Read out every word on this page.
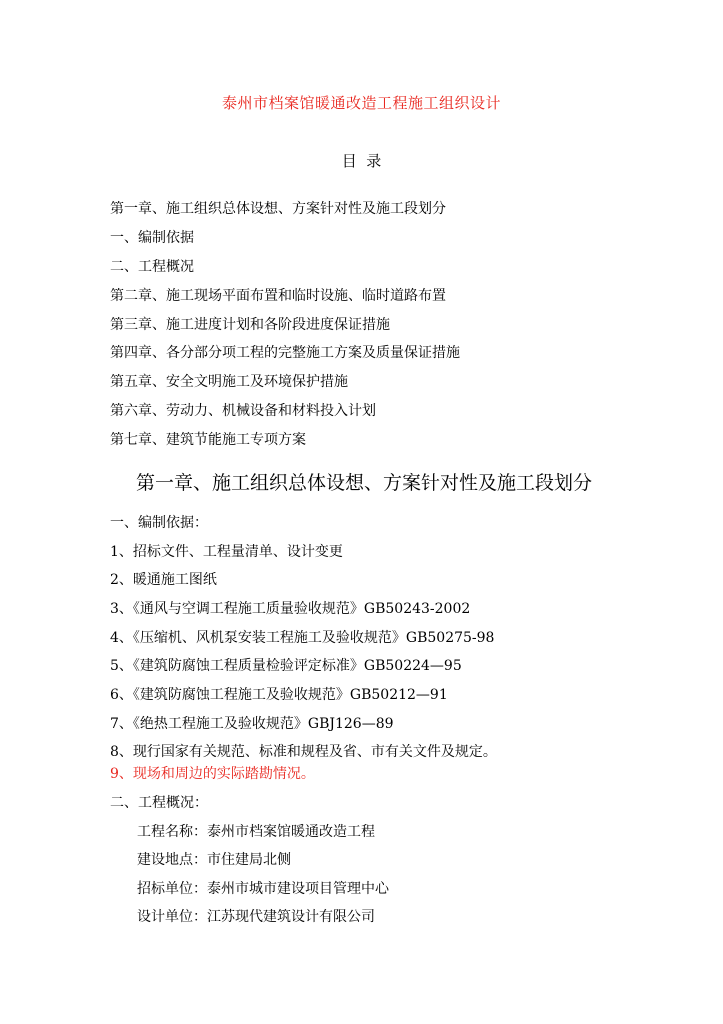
泰州市档案馆暖通改造工程施工组织设计
目  录
第一章、施工组织总体设想、方案针对性及施工段划分
一、编制依据
二、工程概况
第二章、施工现场平面布置和临时设施、临时道路布置
第三章、施工进度计划和各阶段进度保证措施
第四章、各分部分项工程的完整施工方案及质量保证措施
第五章、安全文明施工及环境保护措施
第六章、劳动力、机械设备和材料投入计划
第七章、建筑节能施工专项方案
第一章、施工组织总体设想、方案针对性及施工段划分
一、编制依据：
1、招标文件、工程量清单、设计变更
2、暖通施工图纸
3、《通风与空调工程施工质量验收规范》GB50243-2002
4、《压缩机、风机泵安装工程施工及验收规范》GB50275-98
5、《建筑防腐蚀工程质量检验评定标准》GB50224—95
6、《建筑防腐蚀工程施工及验收规范》GB50212—91
7、《绝热工程施工及验收规范》GBJ126—89
8、现行国家有关规范、标准和规程及省、市有关文件及规定。
9、现场和周边的实际踏勘情况。
二、工程概况：
工程名称：泰州市档案馆暖通改造工程
建设地点：市住建局北侧
招标单位：泰州市城市建设项目管理中心
设计单位：江苏现代建筑设计有限公司
